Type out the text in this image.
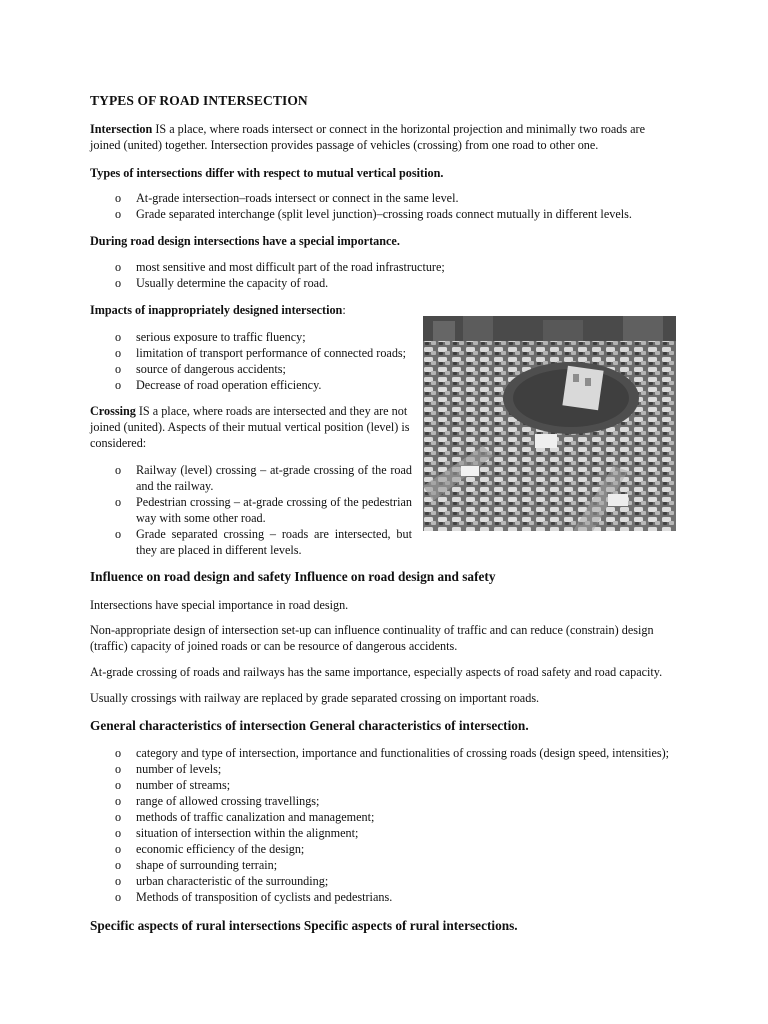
TYPES OF ROAD INTERSECTION

Intersection IS a place, where roads intersect or connect in the horizontal projection and minimally two roads are joined (united) together. Intersection provides passage of vehicles (crossing) from one road to other one.

Types of intersections differ with respect to mutual vertical position.

o At-grade intersection–roads intersect or connect in the same level.
o Grade separated interchange (split level junction)–crossing roads connect mutually in different levels.

During road design intersections have a special importance.

o most sensitive and most difficult part of the road infrastructure;
o Usually determine the capacity of road.

Impacts of inappropriately designed intersection:

o serious exposure to traffic fluency;
o limitation of transport performance of connected roads;
o source of dangerous accidents;
o Decrease of road operation efficiency.

Crossing IS a place, where roads are intersected and they are not joined (united). Aspects of their mutual vertical position (level) is considered:

o Railway (level) crossing – at-grade crossing of the road and the railway.
o Pedestrian crossing – at-grade crossing of the pedestrian way with some other road.
o Grade separated crossing – roads are intersected, but they are placed in different levels.

Influence on road design and safety Influence on road design and safety

Intersections have special importance in road design.

Non-appropriate design of intersection set-up can influence continuality of traffic and can reduce (constrain) design (traffic) capacity of joined roads or can be resource of dangerous accidents.

At-grade crossing of roads and railways has the same importance, especially aspects of road safety and road capacity.

Usually crossings with railway are replaced by grade separated crossing on important roads.

General characteristics of intersection General characteristics of intersection.

o category and type of intersection, importance and functionalities of crossing roads (design speed, intensities);
o number of levels;
o number of streams;
o range of allowed crossing travellings;
o methods of traffic canalization and management;
o situation of intersection within the alignment;
o economic efficiency of the design;
o shape of surrounding terrain;
o urban characteristic of the surrounding;
o Methods of transposition of cyclists and pedestrians.

Specific aspects of rural intersections Specific aspects of rural intersections.
